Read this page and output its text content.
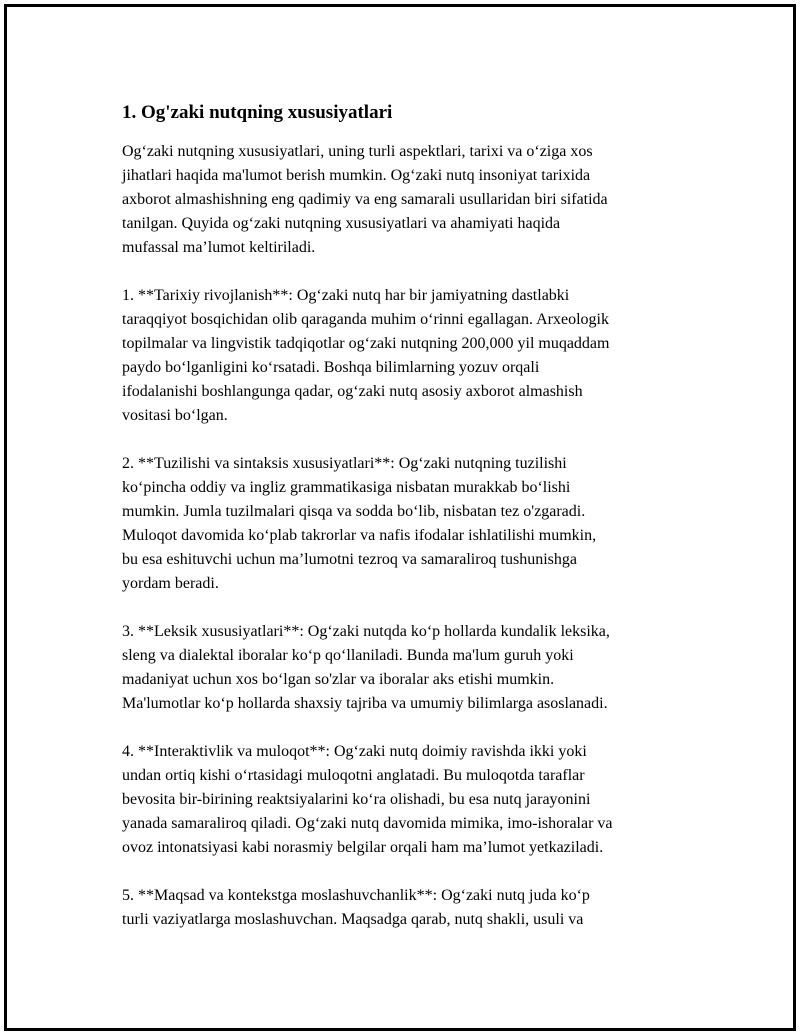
1. Og'zaki nutqning xususiyatlari
Og‘zaki nutqning xususiyatlari, uning turli aspektlari, tarixi va o‘ziga xos
jihatlari haqida ma'lumot berish mumkin. Og‘zaki nutq insoniyat tarixida
axborot almashishning eng qadimiy va eng samarali usullaridan biri sifatida
tanilgan. Quyida og‘zaki nutqning xususiyatlari va ahamiyati haqida
mufassal ma’lumot keltiriladi.
1. **Tarixiy rivojlanish**: Og‘zaki nutq har bir jamiyatning dastlabki
taraqqiyot bosqichidan olib qaraganda muhim o‘rinni egallagan. Arxeologik
topilmalar va lingvistik tadqiqotlar og‘zaki nutqning 200,000 yil muqaddam
paydo bo‘lganligini ko‘rsatadi. Boshqa bilimlarning yozuv orqali
ifodalanishi boshlangunga qadar, og‘zaki nutq asosiy axborot almashish
vositasi bo‘lgan.
2. **Tuzilishi va sintaksis xususiyatlari**: Og‘zaki nutqning tuzilishi
ko‘pincha oddiy va ingliz grammatikasiga nisbatan murakkab bo‘lishi
mumkin. Jumla tuzilmalari qisqa va sodda bo‘lib, nisbatan tez o'zgaradi.
Muloqot davomida ko‘plab takrorlar va nafis ifodalar ishlatilishi mumkin,
bu esa eshituvchi uchun ma’lumotni tezroq va samaraliroq tushunishga
yordam beradi.
3. **Leksik xususiyatlari**: Og‘zaki nutqda ko‘p hollarda kundalik leksika,
sleng va dialektal iboralar ko‘p qo‘llaniladi. Bunda ma'lum guruh yoki
madaniyat uchun xos bo‘lgan so'zlar va iboralar aks etishi mumkin.
Ma'lumotlar ko‘p hollarda shaxsiy tajriba va umumiy bilimlarga asoslanadi.
4. **Interaktivlik va muloqot**: Og‘zaki nutq doimiy ravishda ikki yoki
undan ortiq kishi o‘rtasidagi muloqotni anglatadi. Bu muloqotda taraflar
bevosita bir-birining reaktsiyalarini ko‘ra olishadi, bu esa nutq jarayonini
yanada samaraliroq qiladi. Og‘zaki nutq davomida mimika, imo-ishoralar va
ovoz intonatsiyasi kabi norasmiy belgilar orqali ham ma’lumot yetkaziladi.
5. **Maqsad va kontekstga moslashuvchanlik**: Og‘zaki nutq juda ko‘p
turli vaziyatlarga moslashuvchan. Maqsadga qarab, nutq shakli, usuli va
